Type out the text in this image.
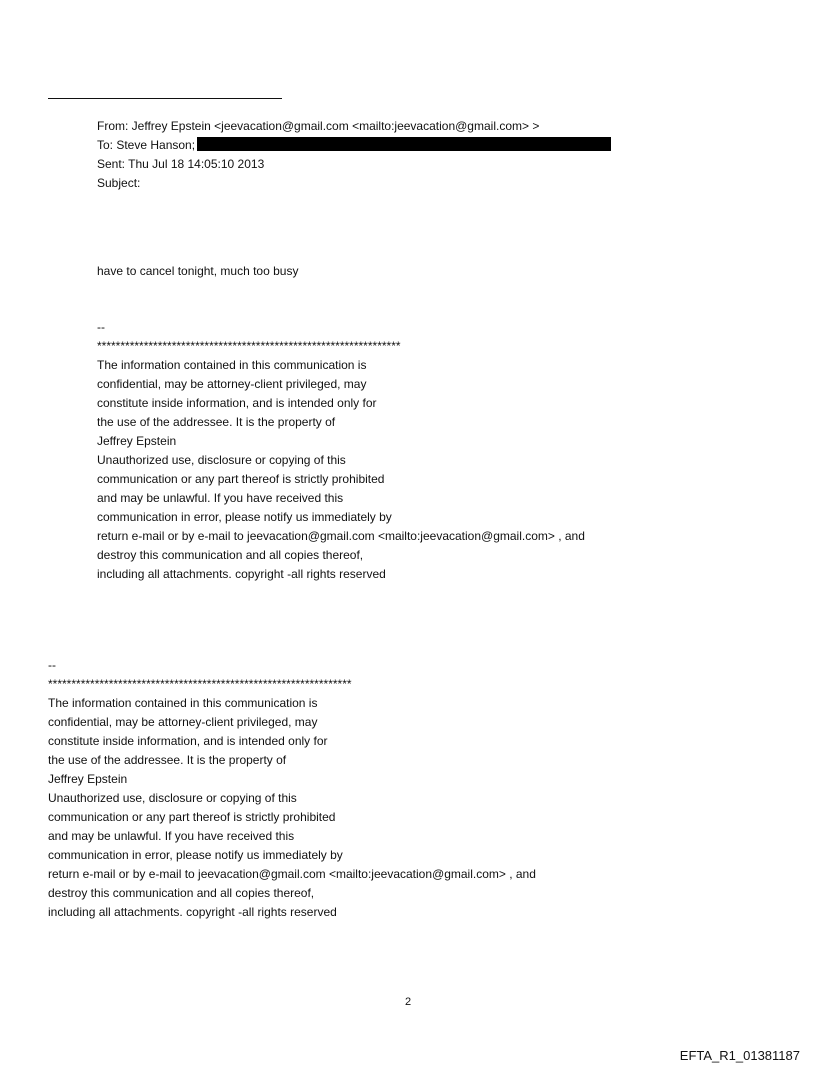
From: Jeffrey Epstein <jeevacation@gmail.com <mailto:jeevacation@gmail.com> >
To: Steve Hanson;
Sent: Thu Jul 18 14:05:10 2013
Subject:
have to cancel tonight, much too busy
--
*****************************************************************
The information contained in this communication is
confidential, may be attorney-client privileged, may
constitute inside information, and is intended only for
the use of the addressee. It is the property of
Jeffrey Epstein
Unauthorized use, disclosure or copying of this
communication or any part thereof is strictly prohibited
and may be unlawful. If you have received this
communication in error, please notify us immediately by
return e-mail or by e-mail to jeevacation@gmail.com <mailto:jeevacation@gmail.com> , and
destroy this communication and all copies thereof,
including all attachments. copyright -all rights reserved
--
*****************************************************************
The information contained in this communication is
confidential, may be attorney-client privileged, may
constitute inside information, and is intended only for
the use of the addressee. It is the property of
Jeffrey Epstein
Unauthorized use, disclosure or copying of this
communication or any part thereof is strictly prohibited
and may be unlawful. If you have received this
communication in error, please notify us immediately by
return e-mail or by e-mail to jeevacation@gmail.com <mailto:jeevacation@gmail.com> , and
destroy this communication and all copies thereof,
including all attachments. copyright -all rights reserved
2
EFTA_R1_01381187
